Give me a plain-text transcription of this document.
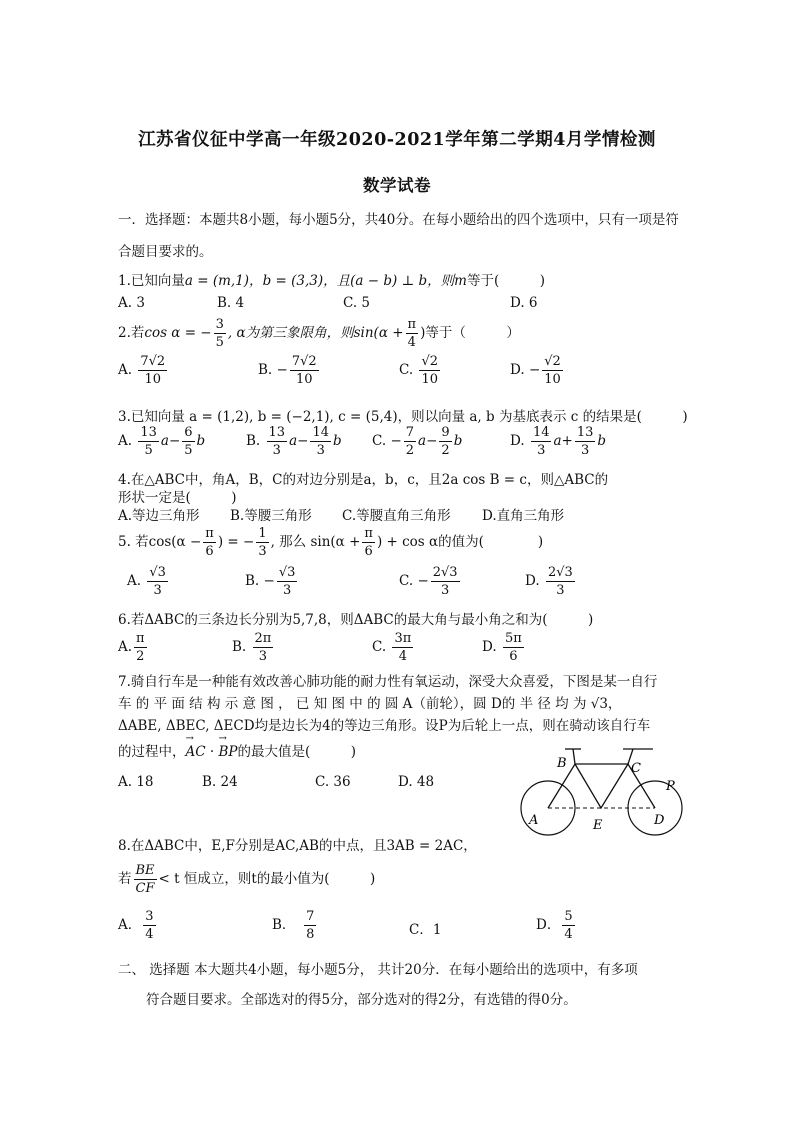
江苏省仪征中学高一年级2020-2021学年第二学期4月学情检测
数学试卷
一．选择题：本题共8小题，每小题5分，共40分。在每小题给出的四个选项中，只有一项是符
合题目要求的。
1.已知向量a = (m,1)，b = (3,3)，且(a − b) ⊥ b，则m等于(　　　)
A. 3	B. 4	C. 5	D. 6
2.若cos α = − $\frac{3}{5}$ , α为第三象限角，则$\sin(\alpha + \frac{\pi}{4}$ )等于（　　　）
A. $\frac{7√2}{10}$	B. − $\frac{7√2}{10}$	C. $\frac{√2}{10}$	D. − $\frac{√2}{10}$
3.已知向量 a = (1,2), b = (−2,1), c = (5,4)，则以向量 a, b 为基底表示 c 的结果是(　　　)
A. $\frac{13}{5} a- \frac{6}{5}$ b	B. $\frac{13}{3} a- \frac{14}{3}$ b C. − $\frac{7}{2} a- \frac{9}{2}$ b	D. $\frac{14}{3} a+ \frac{13}{3}$ b
4.在△ABC中，角A，B，C的对边分别是a，b，c，且2a cos B = c，则△ABC的
形状一定是(　　　)
A.等边三角形 B.等腰三角形 C.等腰直角三角形 D.直角三角形
5. 若$\cos(\alpha - \frac{\pi}{6}$ ) = − $\frac{1}{3}$ , 那么 $\sin(\alpha + \frac{\pi}{6}$ ) + cos α的值为(　　　　)
A. $\frac{√3}{3}$	B. − $\frac{√3}{3}$	C. − $\frac{2√3}{3}$	D. $\frac{2√3}{3}$
6.若ΔABC的三条边长分别为5,7,8，则ΔABC的最大角与最小角之和为(　　　)
A. $\frac{\pi}{2}$	B. $\frac{2\pi}{3}$	C. $\frac{3\pi}{4}$	D. $\frac{5\pi}{6}$
7.骑自行车是一种能有效改善心肺功能的耐力性有氧运动，深受大众喜爱，下图是某一自行
车 的 平 面 结 构 示 意 图 ， 已 知 图 中 的 圆 A（前轮），圆 D的 半 径 均 为 √3，
ΔABE, ΔBEC, ΔECD均是边长为4的等边三角形。设P为后轮上一点，则在骑动该自行车
的过程中，→ AC · → BP的最大值是(　　　)
A. 18	B. 24	C. 36	D. 48
A
B	C
D
E
P
8.在ΔABC中，E,F分别是AC,AB的中点，且3AB = 2AC，
若 $\frac{BE}{CF} < t$ 恒成立，则t的最小值为(　　　)
A． $\frac{3}{4}$	B．　 $\frac{7}{8}$	C．1	D． $\frac{5}{4}$
二、 选择题 本大题共4小题，每小题5分， 共计20分．在每小题给出的选项中，有多项
符合题目要求。全部选对的得5分，部分选对的得2分，有选错的得0分。
